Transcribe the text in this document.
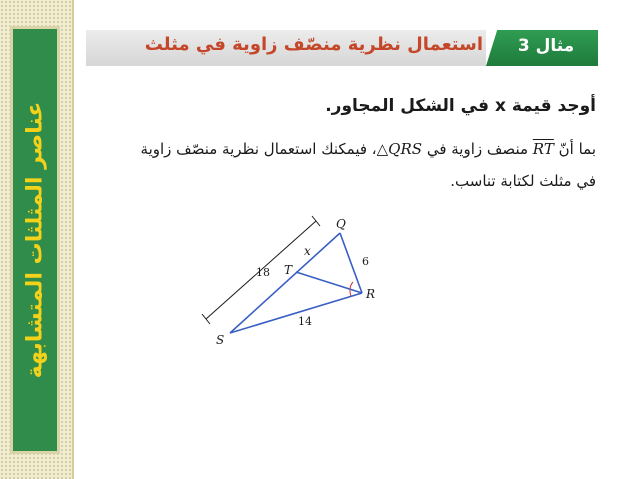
عناصر المثلثات المتشابهة
استعمال نظرية منصّف زاوية في مثلث	مثال 3
أوجد قيمة x في الشكل المجاور.
بما أنّ RT منصف زاوية في △QRS، فيمكنك استعمال نظرية منصّف زاوية
في مثلث لكتابة تناسب.
Q
R
S
T
x
18
6
14
